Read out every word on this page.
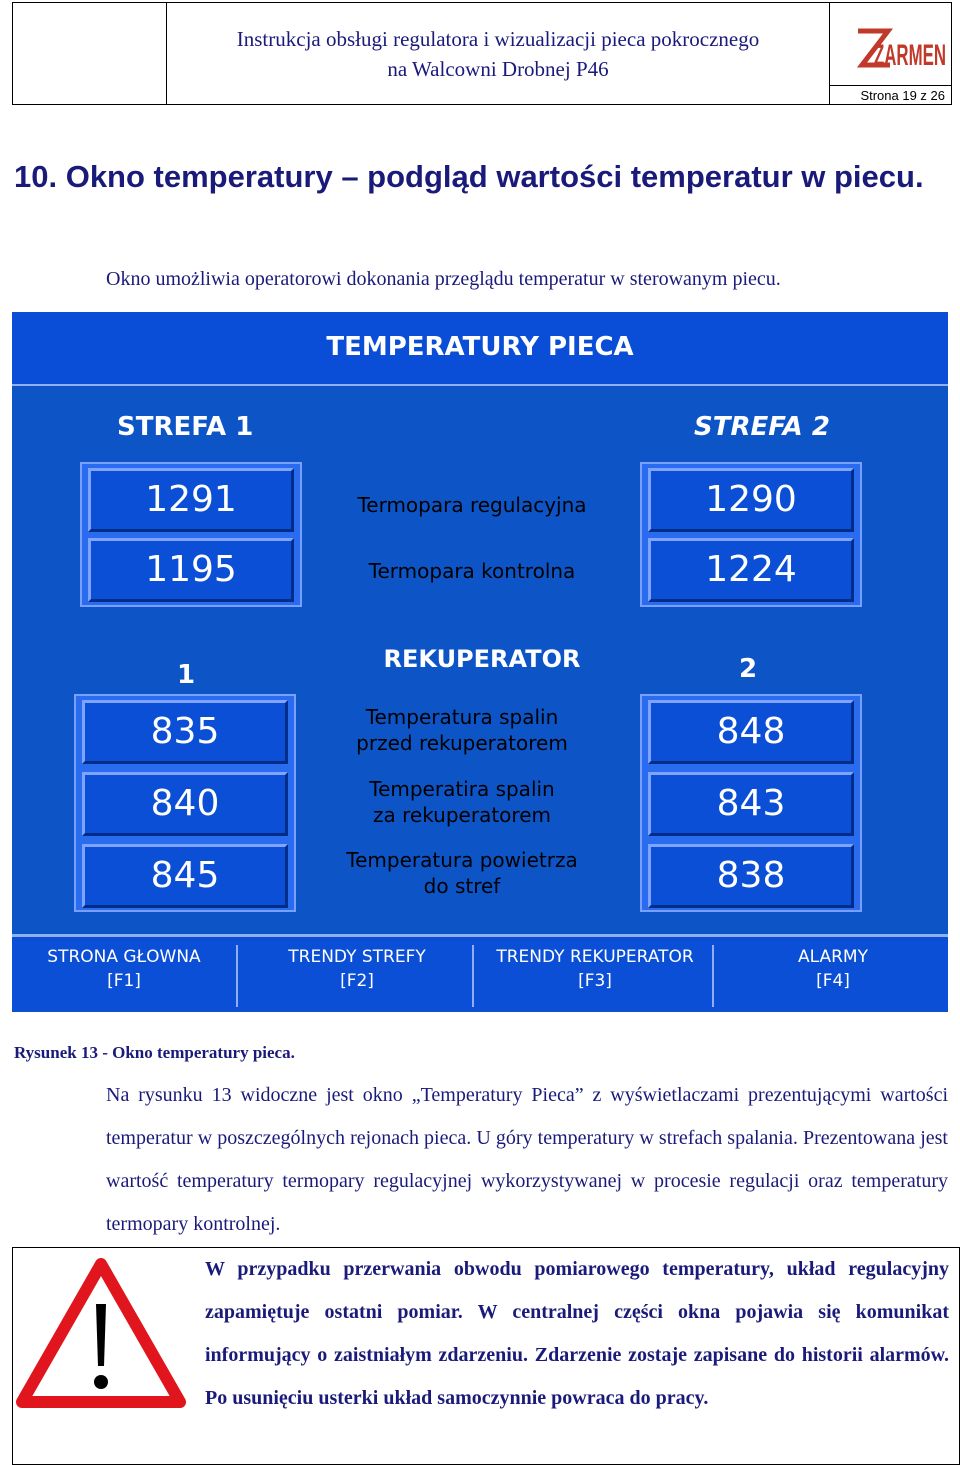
Instrukcja obsługi regulatora i wizualizacji pieca pokrocznego
na Walcowni Drobnej P46	ZARMEN
Strona 19 z 26
10. Okno temperatury – podgląd wartości temperatur w piecu.
Okno umożliwia operatorowi dokonania przeglądu temperatur w sterowanym piecu.
TEMPERATURY PIECA
STREFA 1	STREFA 2
1291
1195
1290
1224
Termopara regulacyjna
Termopara kontrolna
REKUPERATOR
1	2
835
840
845
848
843
838
Temperatura spalin
przed rekuperatorem
Temperatira spalin
za rekuperatorem
Temperatura powietrza
do stref
STRONA GŁOWNA
[F1]
TRENDY STREFY
[F2]
TRENDY REKUPERATOR
[F3]
ALARMY
[F4]
Rysunek 13 - Okno temperatury pieca.
Na rysunku 13 widoczne jest okno „Temperatury Pieca” z wyświetlaczami prezentującymi wartości temperatur w poszczególnych rejonach pieca. U góry temperatury w strefach spalania. Prezentowana jest wartość temperatury termopary regulacyjnej wykorzystywanej w procesie regulacji oraz temperatury termopary kontrolnej.
W przypadku przerwania obwodu pomiarowego temperatury, układ regulacyjny zapamiętuje ostatni pomiar. W centralnej części okna pojawia się komunikat informujący o zaistniałym zdarzeniu. Zdarzenie zostaje zapisane do historii alarmów. Po usunięciu usterki układ samoczynnie powraca do pracy.
